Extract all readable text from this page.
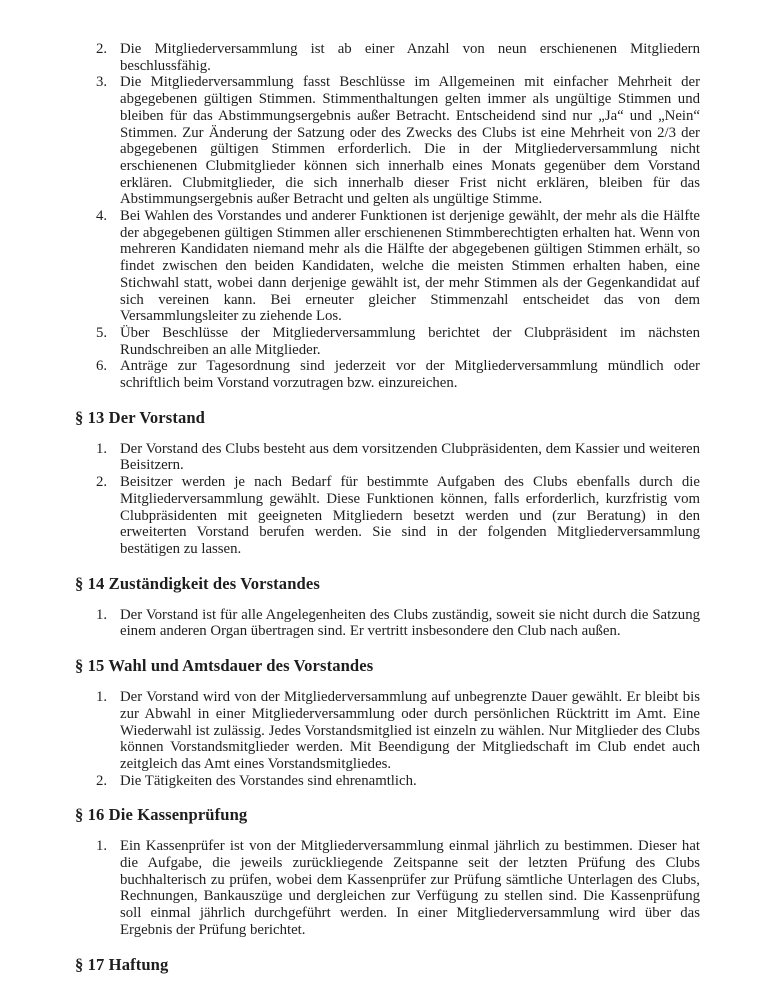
2. Die Mitgliederversammlung ist ab einer Anzahl von neun erschienenen Mitgliedern beschlussfähig.
3. Die Mitgliederversammlung fasst Beschlüsse im Allgemeinen mit einfacher Mehrheit der abgegebenen gültigen Stimmen. Stimmenthaltungen gelten immer als ungültige Stimmen und bleiben für das Abstimmungsergebnis außer Betracht. Entscheidend sind nur „Ja“ und „Nein“ Stimmen. Zur Änderung der Satzung oder des Zwecks des Clubs ist eine Mehrheit von 2/3 der abgegebenen gültigen Stimmen erforderlich. Die in der Mitgliederversammlung nicht erschienenen Clubmitglieder können sich innerhalb eines Monats gegenüber dem Vorstand erklären. Clubmitglieder, die sich innerhalb dieser Frist nicht erklären, bleiben für das Abstimmungsergebnis außer Betracht und gelten als ungültige Stimme.
4. Bei Wahlen des Vorstandes und anderer Funktionen ist derjenige gewählt, der mehr als die Hälfte der abgegebenen gültigen Stimmen aller erschienenen Stimmberechtigten erhalten hat. Wenn von mehreren Kandidaten niemand mehr als die Hälfte der abgegebenen gültigen Stimmen erhält, so findet zwischen den beiden Kandidaten, welche die meisten Stimmen erhalten haben, eine Stichwahl statt, wobei dann derjenige gewählt ist, der mehr Stimmen als der Gegenkandidat auf sich vereinen kann. Bei erneuter gleicher Stimmenzahl entscheidet das von dem Versammlungsleiter zu ziehende Los.
5. Über Beschlüsse der Mitgliederversammlung berichtet der Clubpräsident im nächsten Rundschreiben an alle Mitglieder.
6. Anträge zur Tagesordnung sind jederzeit vor der Mitgliederversammlung mündlich oder schriftlich beim Vorstand vorzutragen bzw. einzureichen.
§ 13 Der Vorstand
1. Der Vorstand des Clubs besteht aus dem vorsitzenden Clubpräsidenten, dem Kassier und weiteren Beisitzern.
2. Beisitzer werden je nach Bedarf für bestimmte Aufgaben des Clubs ebenfalls durch die Mitgliederversammlung gewählt. Diese Funktionen können, falls erforderlich, kurzfristig vom Clubpräsidenten mit geeigneten Mitgliedern besetzt werden und (zur Beratung) in den erweiterten Vorstand berufen werden. Sie sind in der folgenden Mitgliederversammlung bestätigen zu lassen.
§ 14 Zuständigkeit des Vorstandes
1. Der Vorstand ist für alle Angelegenheiten des Clubs zuständig, soweit sie nicht durch die Satzung einem anderen Organ übertragen sind. Er vertritt insbesondere den Club nach außen.
§ 15 Wahl und Amtsdauer des Vorstandes
1. Der Vorstand wird von der Mitgliederversammlung auf unbegrenzte Dauer gewählt. Er bleibt bis zur Abwahl in einer Mitgliederversammlung oder durch persönlichen Rücktritt im Amt. Eine Wiederwahl ist zulässig. Jedes Vorstandsmitglied ist einzeln zu wählen. Nur Mitglieder des Clubs können Vorstandsmitglieder werden. Mit Beendigung der Mitgliedschaft im Club endet auch zeitgleich das Amt eines Vorstandsmitgliedes.
2. Die Tätigkeiten des Vorstandes sind ehrenamtlich.
§ 16 Die Kassenprüfung
1. Ein Kassenprüfer ist von der Mitgliederversammlung einmal jährlich zu bestimmen. Dieser hat die Aufgabe, die jeweils zurückliegende Zeitspanne seit der letzten Prüfung des Clubs buchhalterisch zu prüfen, wobei dem Kassenprüfer zur Prüfung sämtliche Unterlagen des Clubs, Rechnungen, Bankauszüge und dergleichen zur Verfügung zu stellen sind. Die Kassenprüfung soll einmal jährlich durchgeführt werden. In einer Mitgliederversammlung wird über das Ergebnis der Prüfung berichtet.
§ 17 Haftung
